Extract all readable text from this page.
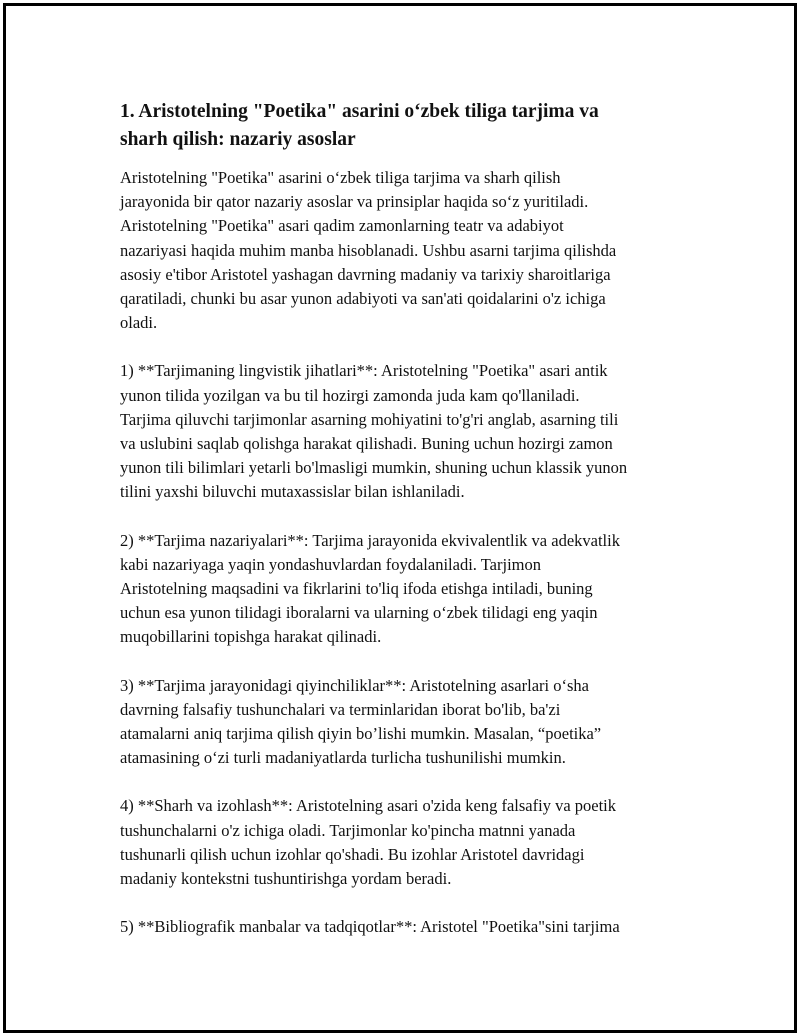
1. Aristotelning "Poetika" asarini o‘zbek tiliga tarjima va
sharh qilish: nazariy asoslar

Aristotelning "Poetika" asarini o‘zbek tiliga tarjima va sharh qilish
jarayonida bir qator nazariy asoslar va prinsiplar haqida so‘z yuritiladi.
Aristotelning "Poetika" asari qadim zamonlarning teatr va adabiyot
nazariyasi haqida muhim manba hisoblanadi. Ushbu asarni tarjima qilishda
asosiy e'tibor Aristotel yashagan davrning madaniy va tarixiy sharoitlariga
qaratiladi, chunki bu asar yunon adabiyoti va san'ati qoidalarini o'z ichiga
oladi.

1) **Tarjimaning lingvistik jihatlari**: Aristotelning "Poetika" asari antik
yunon tilida yozilgan va bu til hozirgi zamonda juda kam qo'llaniladi.
Tarjima qiluvchi tarjimonlar asarning mohiyatini to'g'ri anglab, asarning tili
va uslubini saqlab qolishga harakat qilishadi. Buning uchun hozirgi zamon
yunon tili bilimlari yetarli bo'lmasligi mumkin, shuning uchun klassik yunon
tilini yaxshi biluvchi mutaxassislar bilan ishlaniladi.

2) **Tarjima nazariyalari**: Tarjima jarayonida ekvivalentlik va adekvatlik
kabi nazariyaga yaqin yondashuvlardan foydalaniladi. Tarjimon
Aristotelning maqsadini va fikrlarini to'liq ifoda etishga intiladi, buning
uchun esa yunon tilidagi iboralarni va ularning o‘zbek tilidagi eng yaqin
muqobillarini topishga harakat qilinadi.

3) **Tarjima jarayonidagi qiyinchiliklar**: Aristotelning asarlari o‘sha
davrning falsafiy tushunchalari va terminlaridan iborat bo'lib, ba'zi
atamalarni aniq tarjima qilish qiyin bo’lishi mumkin. Masalan, “poetika”
atamasining o‘zi turli madaniyatlarda turlicha tushunilishi mumkin.

4) **Sharh va izohlash**: Aristotelning asari o'zida keng falsafiy va poetik
tushunchalarni o'z ichiga oladi. Tarjimonlar ko'pincha matnni yanada
tushunarli qilish uchun izohlar qo'shadi. Bu izohlar Aristotel davridagi
madaniy kontekstni tushuntirishga yordam beradi.

5) **Bibliografik manbalar va tadqiqotlar**: Aristotel "Poetika"sini tarjima
